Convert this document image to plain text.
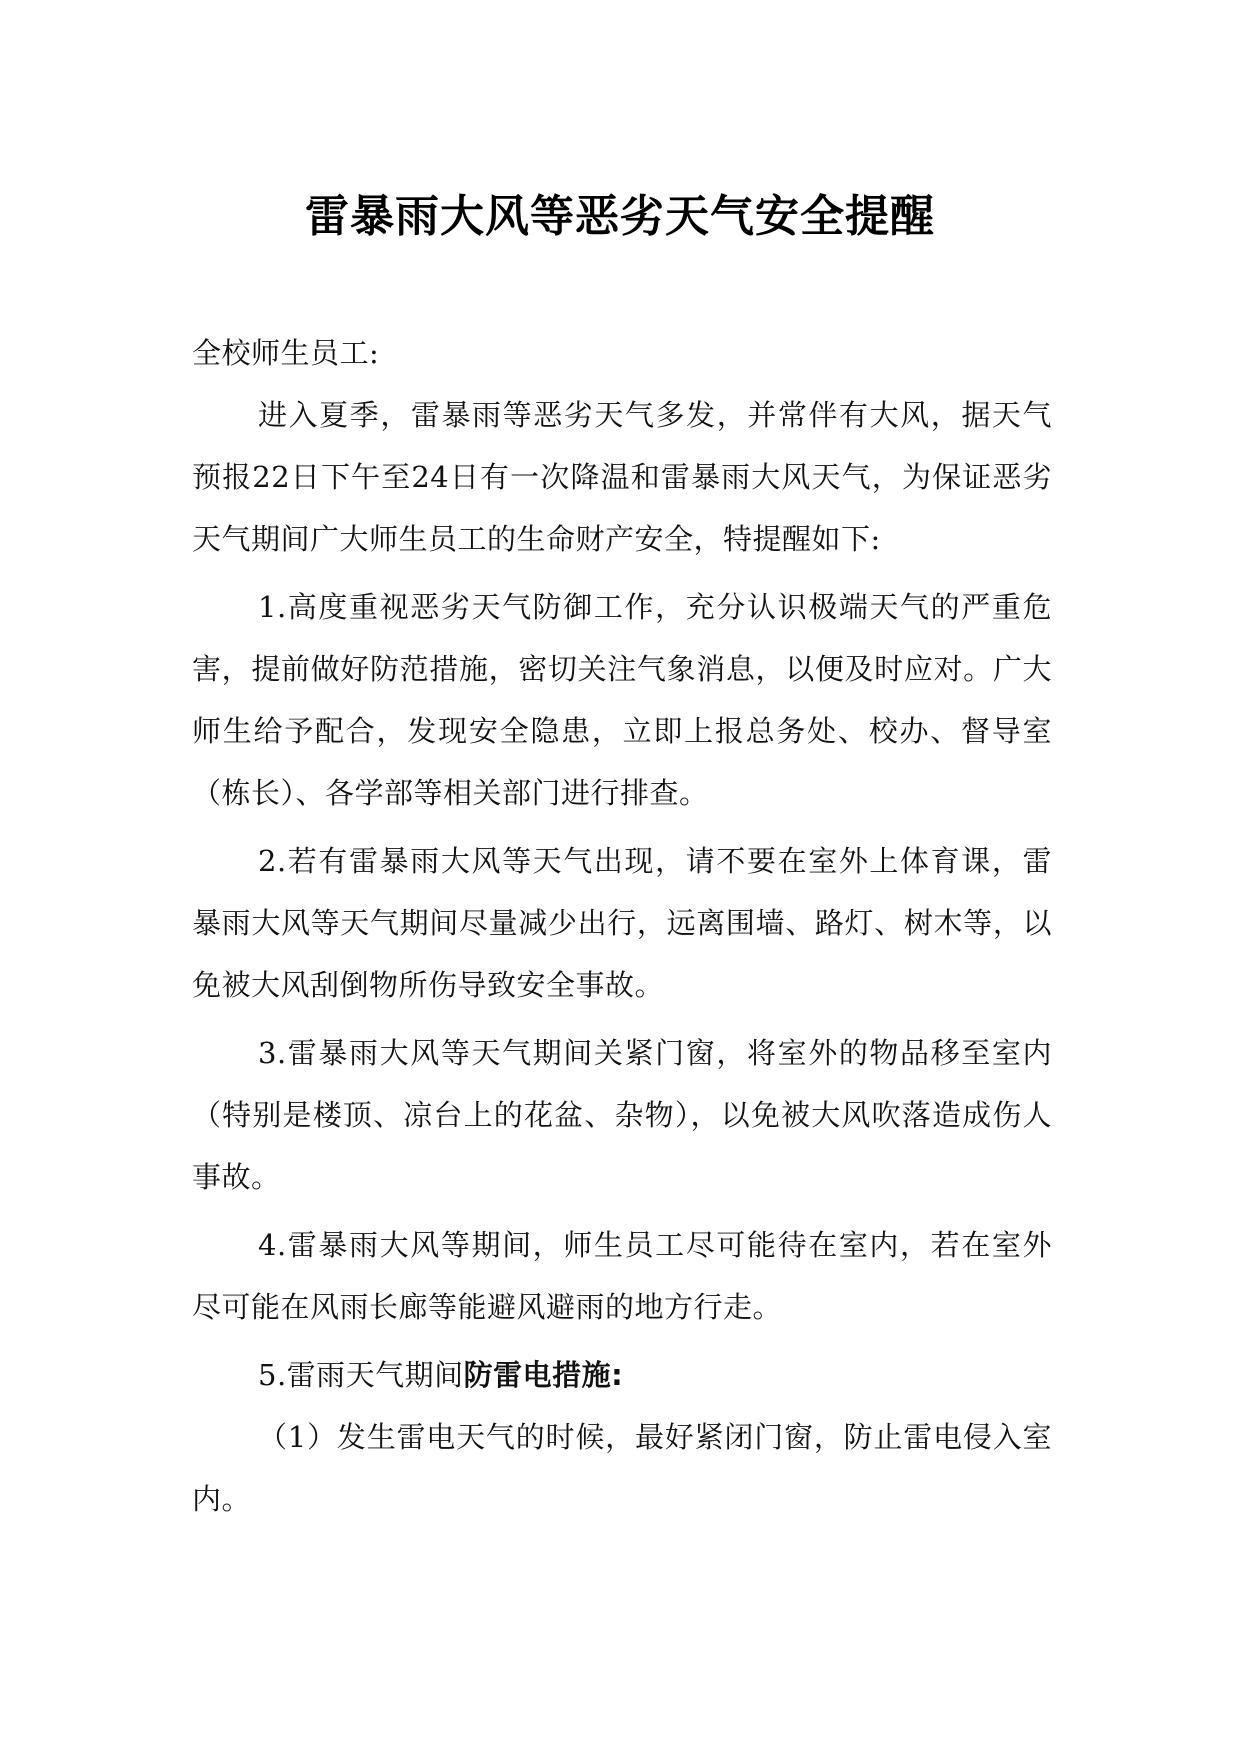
雷暴雨大风等恶劣天气安全提醒

全校师生员工:

进入夏季，雷暴雨等恶劣天气多发，并常伴有大风，据天气预报22日下午至24日有一次降温和雷暴雨大风天气，为保证恶劣天气期间广大师生员工的生命财产安全，特提醒如下:

1.高度重视恶劣天气防御工作，充分认识极端天气的严重危害，提前做好防范措施，密切关注气象消息，以便及时应对。广大师生给予配合，发现安全隐患，立即上报总务处、校办、督导室（栋长）、各学部等相关部门进行排查。

2.若有雷暴雨大风等天气出现，请不要在室外上体育课，雷暴雨大风等天气期间尽量减少出行，远离围墙、路灯、树木等，以免被大风刮倒物所伤导致安全事故。

3.雷暴雨大风等天气期间关紧门窗，将室外的物品移至室内（特别是楼顶、凉台上的花盆、杂物），以免被大风吹落造成伤人事故。

4.雷暴雨大风等期间，师生员工尽可能待在室内，若在室外尽可能在风雨长廊等能避风避雨的地方行走。

5.雷雨天气期间防雷电措施:

（1）发生雷电天气的时候，最好紧闭门窗，防止雷电侵入室内。
